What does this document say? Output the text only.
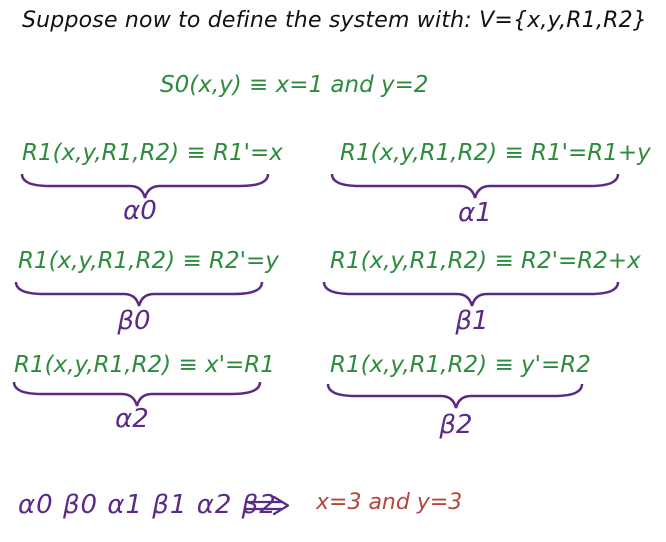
Suppose now to define the system with: V={x,y,R1,R2}
S0(x,y) ≡ x=1 and y=2
R1(x,y,R1,R2) ≡ R1'=x
α0
R1(x,y,R1,R2) ≡ R1'=R1+y
α1
R1(x,y,R1,R2) ≡ R2'=y
β0
R1(x,y,R1,R2) ≡ R2'=R2+x
β1
R1(x,y,R1,R2) ≡ x'=R1
α2
R1(x,y,R1,R2) ≡ y'=R2
β2
α0 β0 α1 β1 α2 β2 x=3 and y=3
